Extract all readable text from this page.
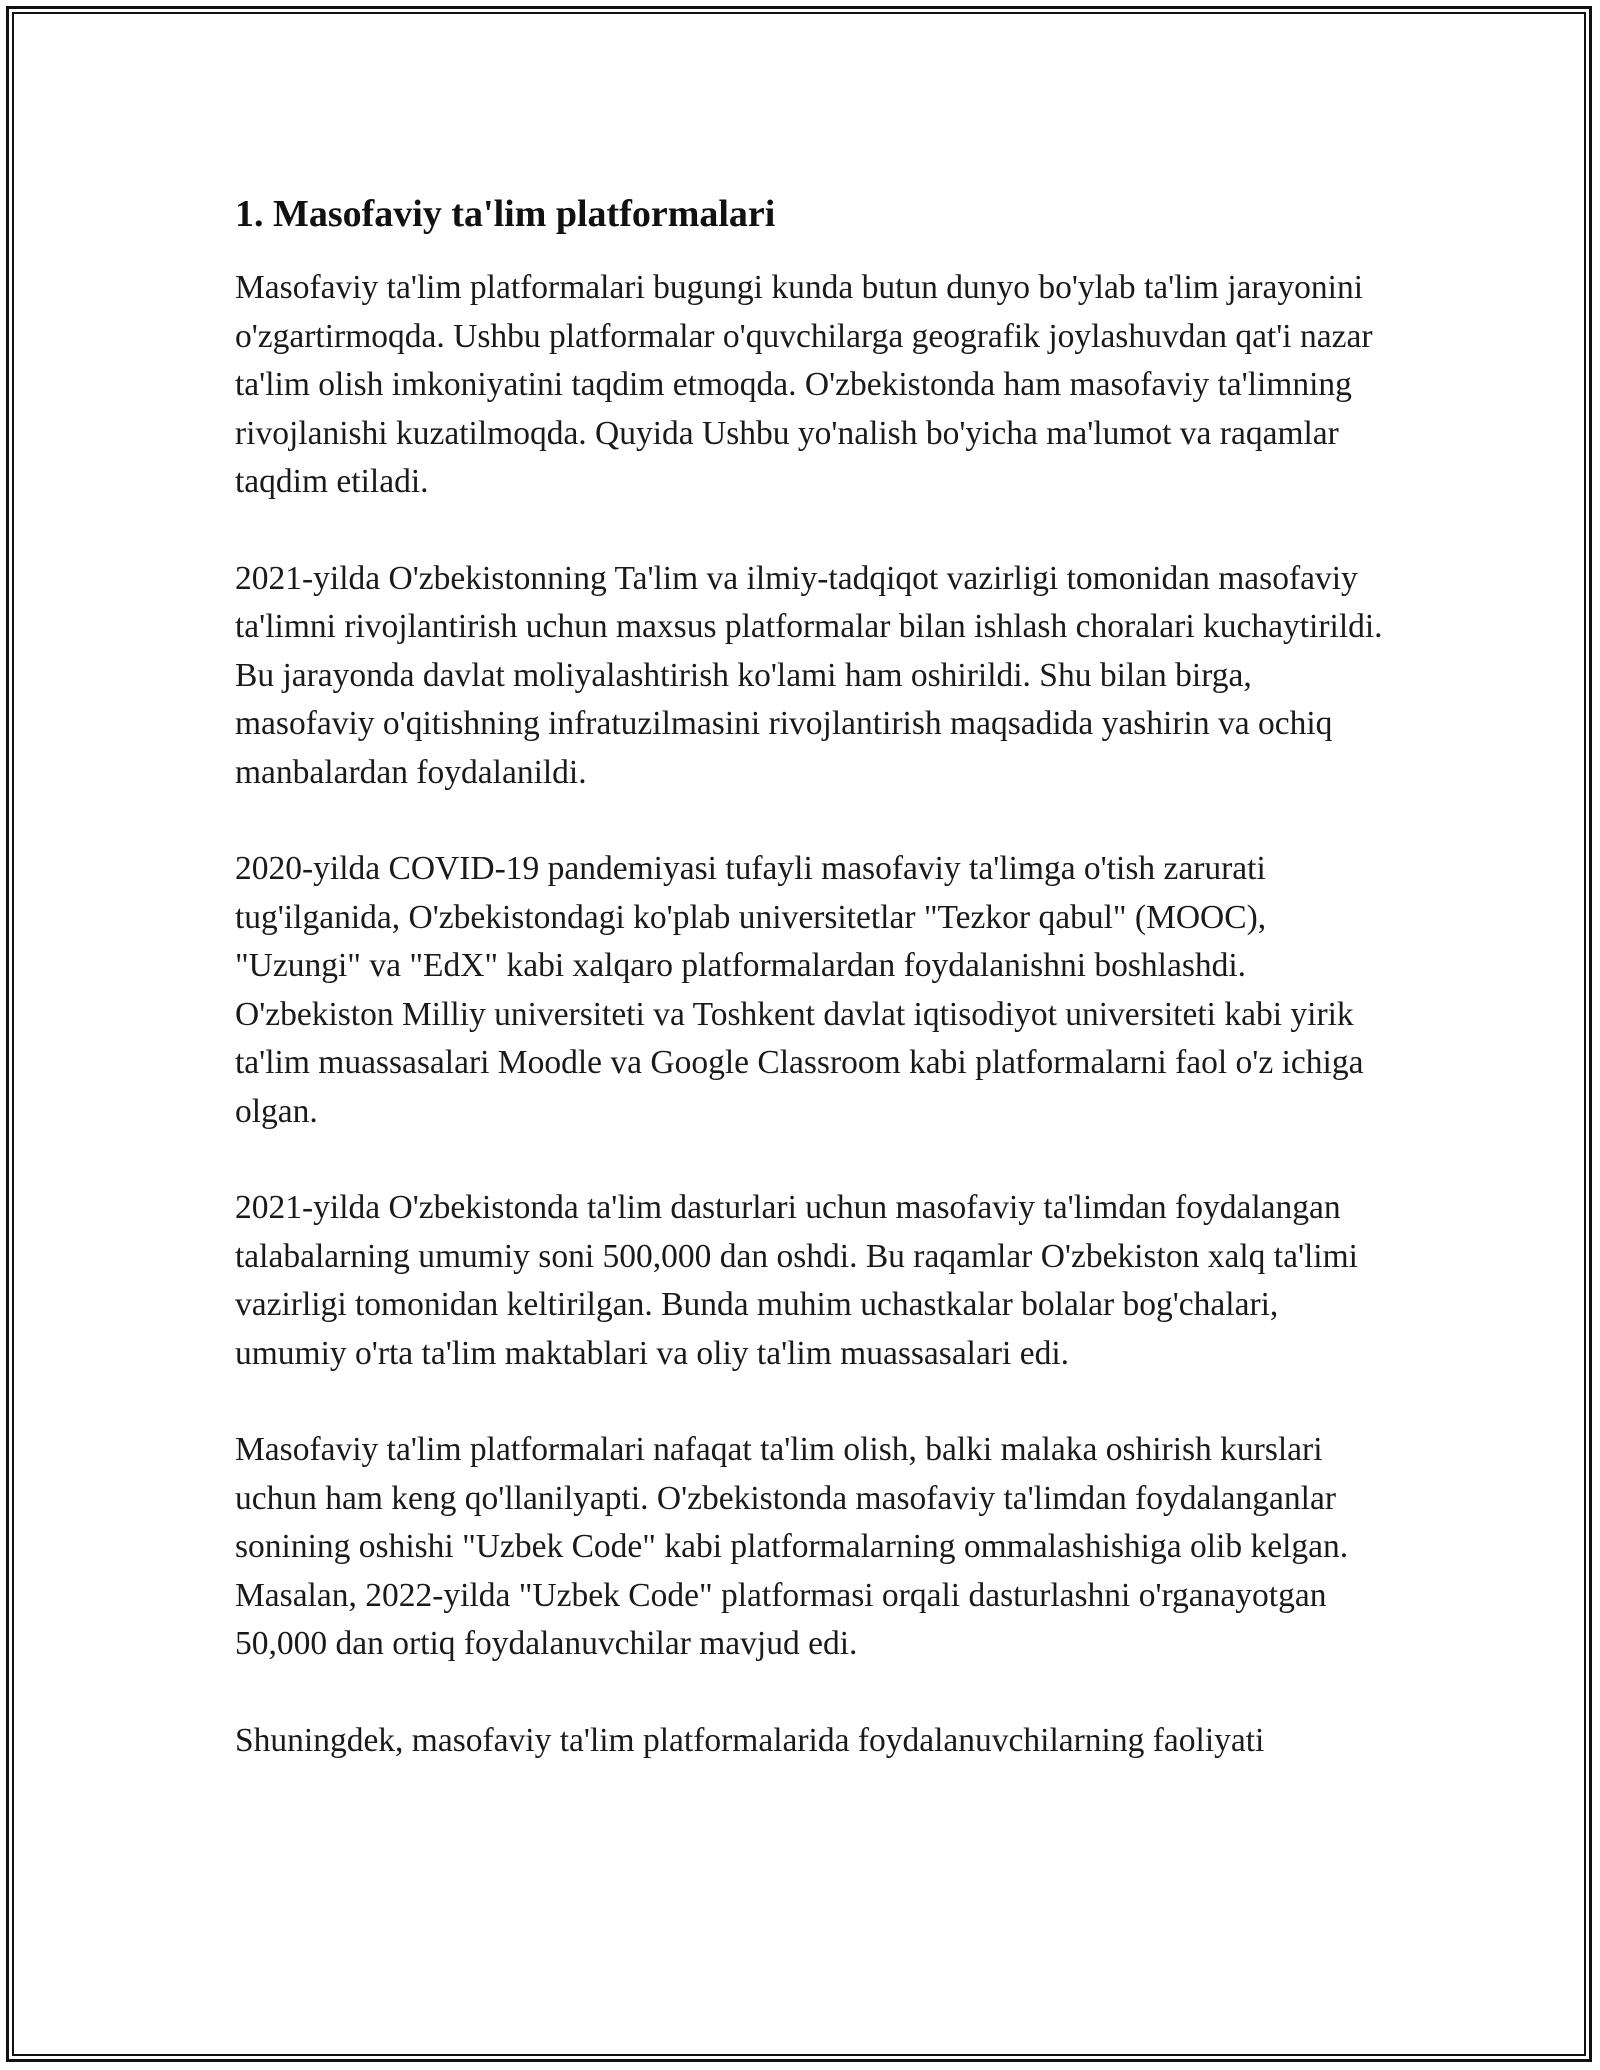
1. Masofaviy ta'lim platformalari

Masofaviy ta'lim platformalari bugungi kunda butun dunyo bo'ylab ta'lim jarayonini o'zgartirmoqda. Ushbu platformalar o'quvchilarga geografik joylashuvdan qat'i nazar ta'lim olish imkoniyatini taqdim etmoqda. O'zbekistonda ham masofaviy ta'limning rivojlanishi kuzatilmoqda. Quyida Ushbu yo'nalish bo'yicha ma'lumot va raqamlar taqdim etiladi.

2021-yilda O'zbekistonning Ta'lim va ilmiy-tadqiqot vazirligi tomonidan masofaviy ta'limni rivojlantirish uchun maxsus platformalar bilan ishlash choralari kuchaytirildi. Bu jarayonda davlat moliyalashtirish ko'lami ham oshirildi. Shu bilan birga, masofaviy o'qitishning infratuzilmasini rivojlantirish maqsadida yashirin va ochiq manbalardan foydalanildi.

2020-yilda COVID-19 pandemiyasi tufayli masofaviy ta'limga o'tish zarurati tug'ilganida, O'zbekistondagi ko'plab universitetlar "Tezkor qabul" (MOOC), "Uzungi" va "EdX" kabi xalqaro platformalardan foydalanishni boshlashdi. O'zbekiston Milliy universiteti va Toshkent davlat iqtisodiyot universiteti kabi yirik ta'lim muassasalari Moodle va Google Classroom kabi platformalarni faol o'z ichiga olgan.

2021-yilda O'zbekistonda ta'lim dasturlari uchun masofaviy ta'limdan foydalangan talabalarning umumiy soni 500,000 dan oshdi. Bu raqamlar O'zbekiston xalq ta'limi vazirligi tomonidan keltirilgan. Bunda muhim uchastkalar bolalar bog'chalari, umumiy o'rta ta'lim maktablari va oliy ta'lim muassasalari edi.

Masofaviy ta'lim platformalari nafaqat ta'lim olish, balki malaka oshirish kurslari uchun ham keng qo'llanilyapti. O'zbekistonda masofaviy ta'limdan foydalanganlar sonining oshishi "Uzbek Code" kabi platformalarning ommalashishiga olib kelgan. Masalan, 2022-yilda "Uzbek Code" platformasi orqali dasturlashni o'rganayotgan 50,000 dan ortiq foydalanuvchilar mavjud edi.

Shuningdek, masofaviy ta'lim platformalarida foydalanuvchilarning faoliyati
